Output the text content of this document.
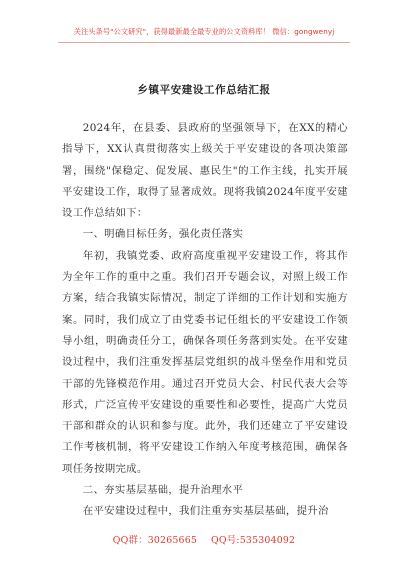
关注头条号"公文研究"，获得最新最全最专业的公文资料库！ 微信：gongwenyj
乡镇平安建设工作总结汇报

2024年，在县委、县政府的坚强领导下，在XX的精心指导下，XX认真贯彻落实上级关于平安建设的各项决策部署，围绕"保稳定、促发展、惠民生"的工作主线，扎实开展平安建设工作，取得了显著成效。现将我镇2024年度平安建设工作总结如下：

一、明确目标任务，强化责任落实

年初，我镇党委、政府高度重视平安建设工作，将其作为全年工作的重中之重。我们召开专题会议，对照上级工作方案，结合我镇实际情况，制定了详细的工作计划和实施方案。同时，我们成立了由党委书记任组长的平安建设工作领导小组，明确责任分工，确保各项任务落到实处。在平安建设过程中，我们注重发挥基层党组织的战斗堡垒作用和党员干部的先锋模范作用。通过召开党员大会、村民代表大会等形式，广泛宣传平安建设的重要性和必要性，提高广大党员干部和群众的认识和参与度。此外，我们还建立了平安建设工作考核机制，将平安建设工作纳入年度考核范围，确保各项任务按期完成。

二、夯实基层基础，提升治理水平

在平安建设过程中，我们注重夯实基层基础，提升治

QQ群：30265665 QQ号:535304092
